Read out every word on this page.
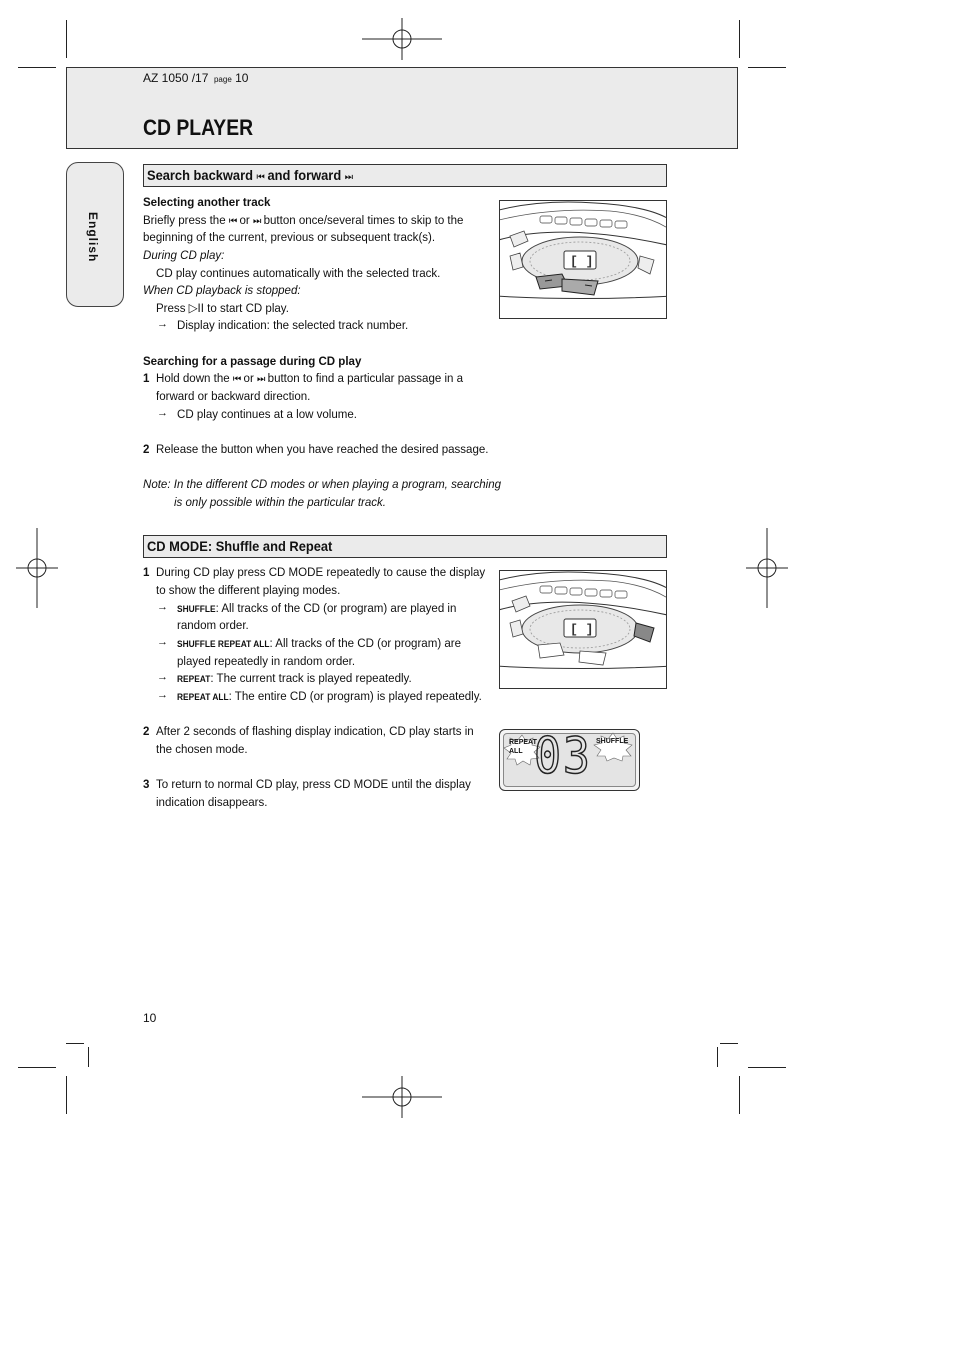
AZ 1050 /17 page 10
CD PLAYER
English
Search backward ⏮ and forward ⏭
Selecting another track
Briefly press the ⏮ or ⏭ button once/several times to skip to the
beginning of the current, previous or subsequent track(s).
During CD play:
CD play continues automatically with the selected track.
When CD playback is stopped:
Press ▷II to start CD play.
→ Display indication: the selected track number.
Searching for a passage during CD play
1 Hold down the ⏮ or ⏭ button to find a particular passage in a
forward or backward direction.
→ CD play continues at a low volume.
2 Release the button when you have reached the desired passage.
Note: In the different CD modes or when playing a program, searching
is only possible within the particular track.
[ ]
CD MODE: Shuffle and Repeat
1 During CD play press CD MODE repeatedly to cause the display
to show the different playing modes.
→ SHUFFLE: All tracks of the CD (or program) are played in
random order.
→ SHUFFLE REPEAT ALL: All tracks of the CD (or program) are
played repeatedly in random order.
→ REPEAT: The current track is played repeatedly.
→ REPEAT ALL: The entire CD (or program) is played repeatedly.
2 After 2 seconds of flashing display indication, CD play starts in
the chosen mode.
3 To return to normal CD play, press CD MODE until the display
indication disappears.
[ ]
REPEAT
ALL
SHUFFLE
03
10
